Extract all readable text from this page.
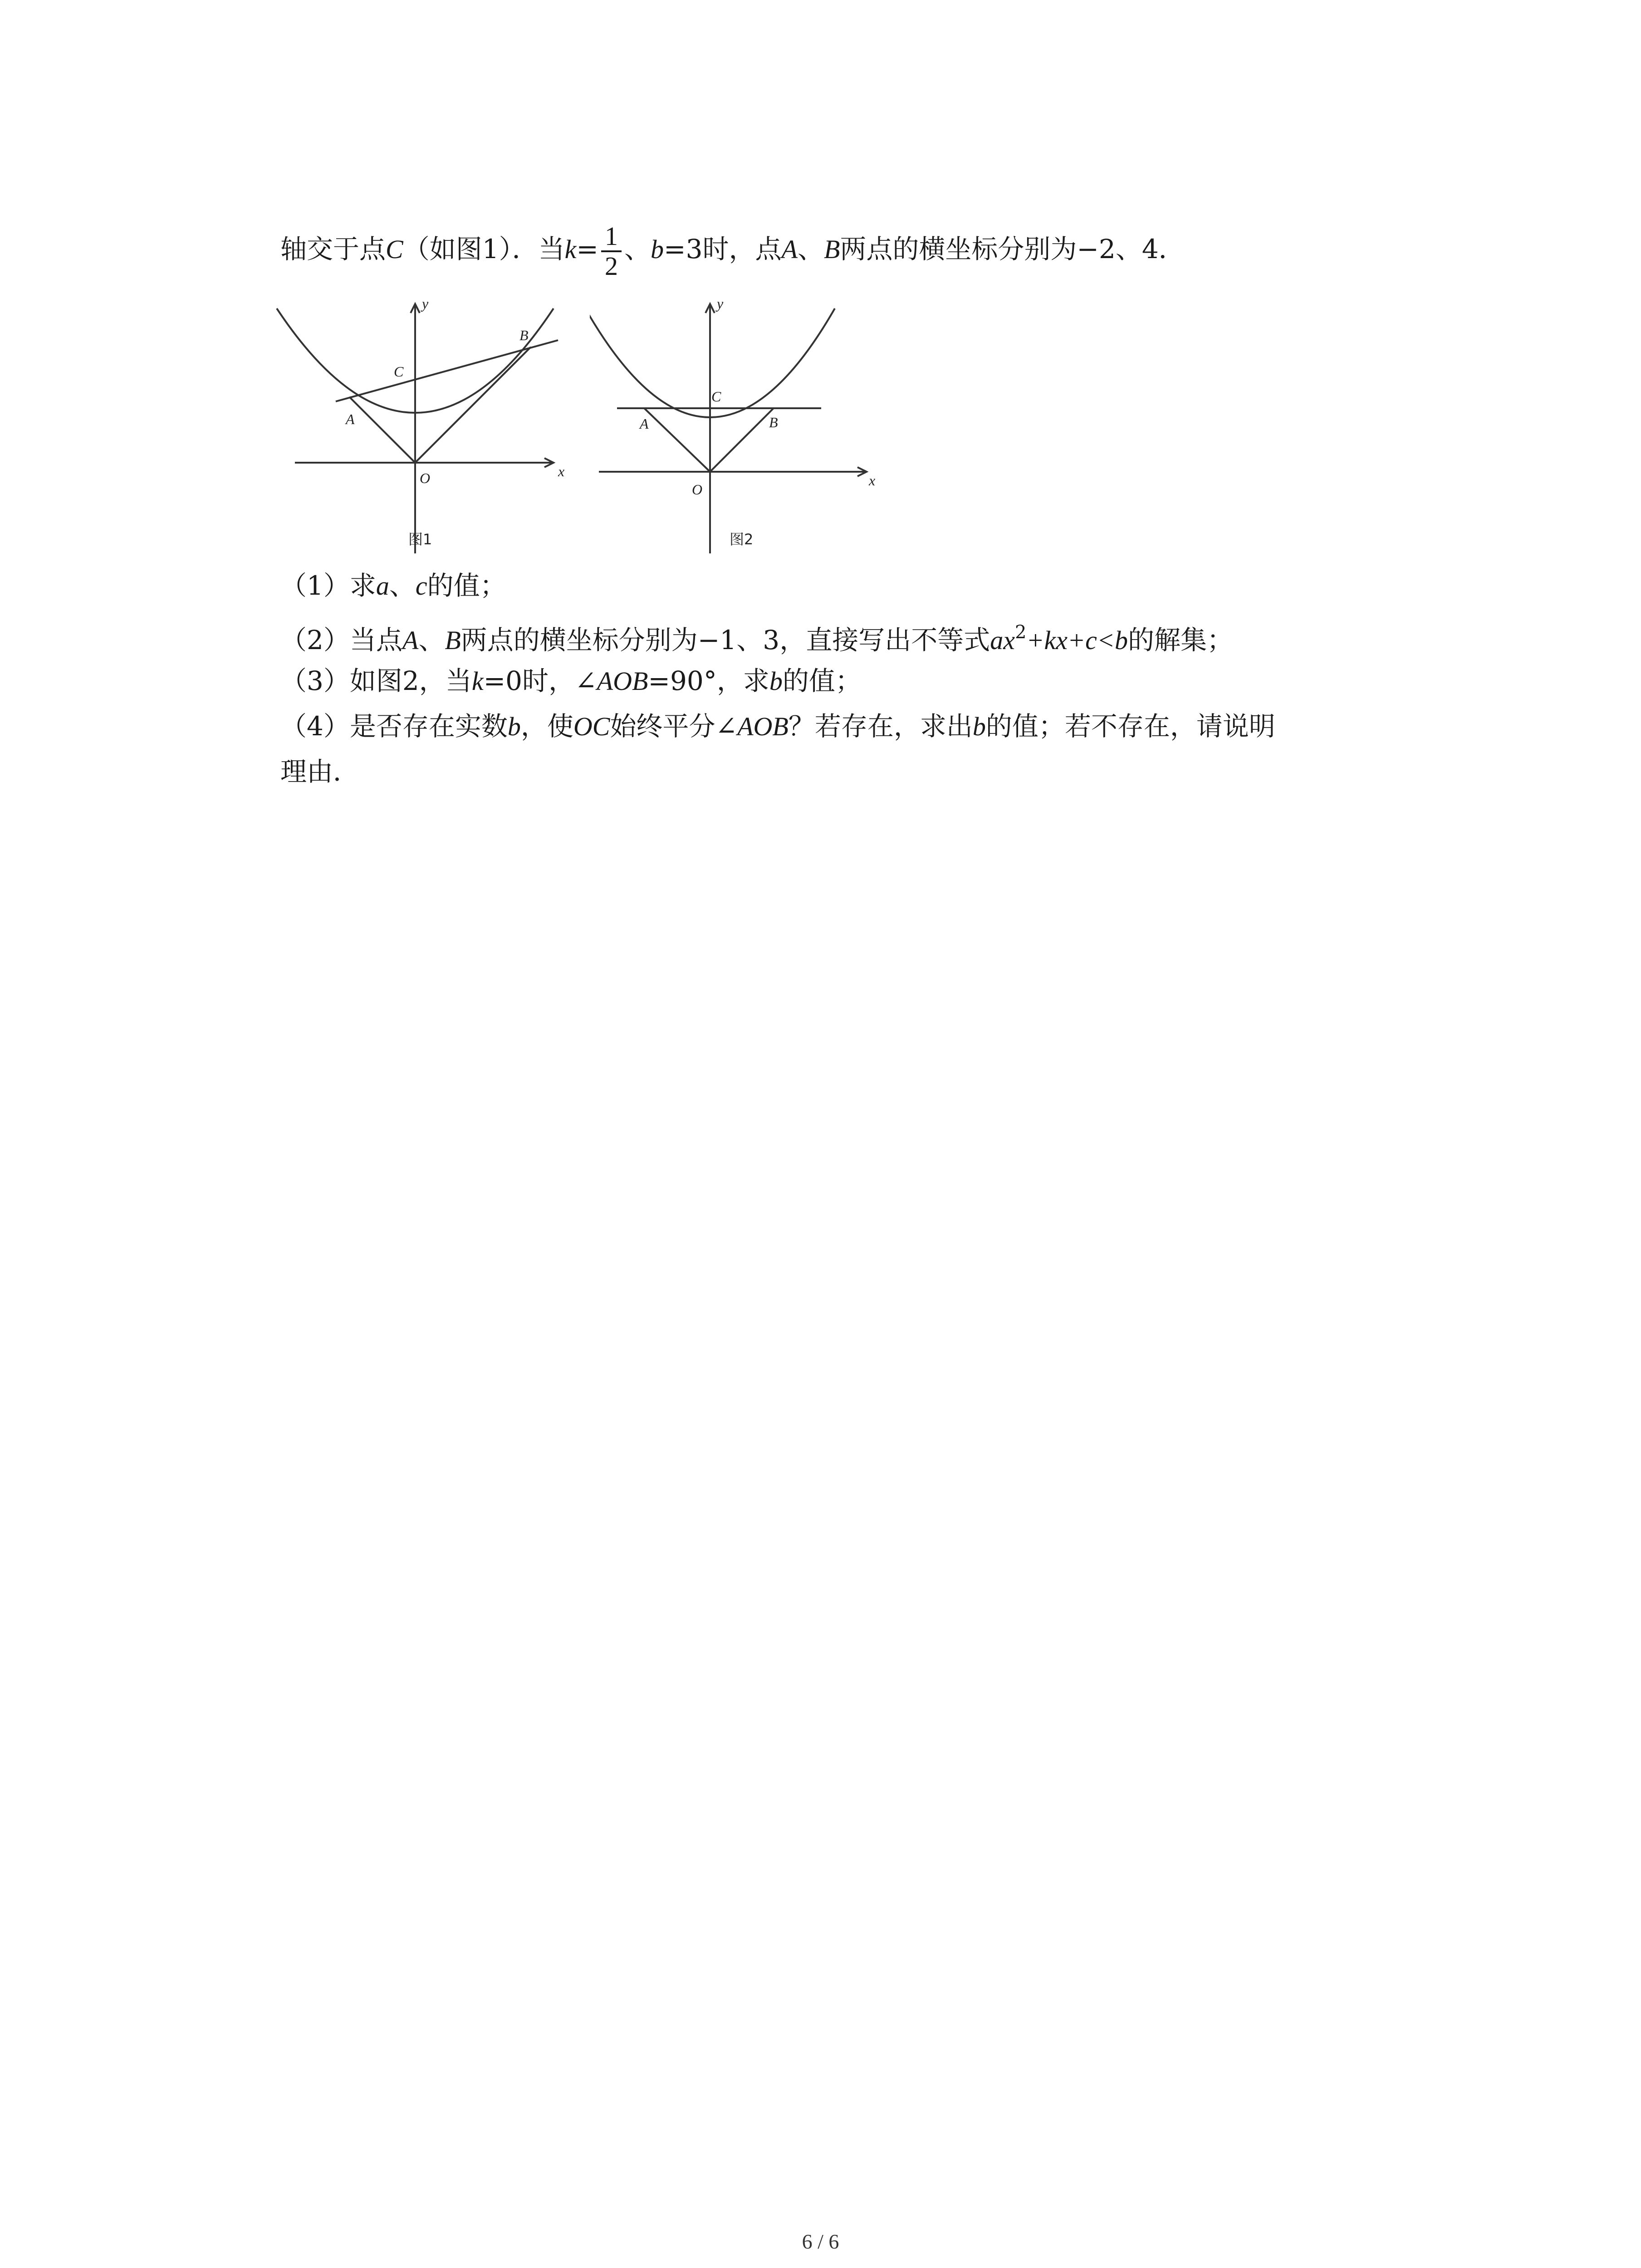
轴交于点C（如图1）．当$k= \frac{1}{2}$ 、b=3时，点A、B两点的横坐标分别为−2、4．
y
x
O
A
B
C
图1
y
x
O
A	B
C
图2
（1）求a、c的值；
（2）当点A、B两点的横坐标分别为−1、3，直接写出不等式$ax^2+kx+c<b$的解集；
（3）如图2，当k=0时，∠AOB=90°，求b的值；
（4）是否存在实数b，使OC始终平分∠AOB？若存在，求出b的值；若不存在，请说明
理由．
6 / 6
